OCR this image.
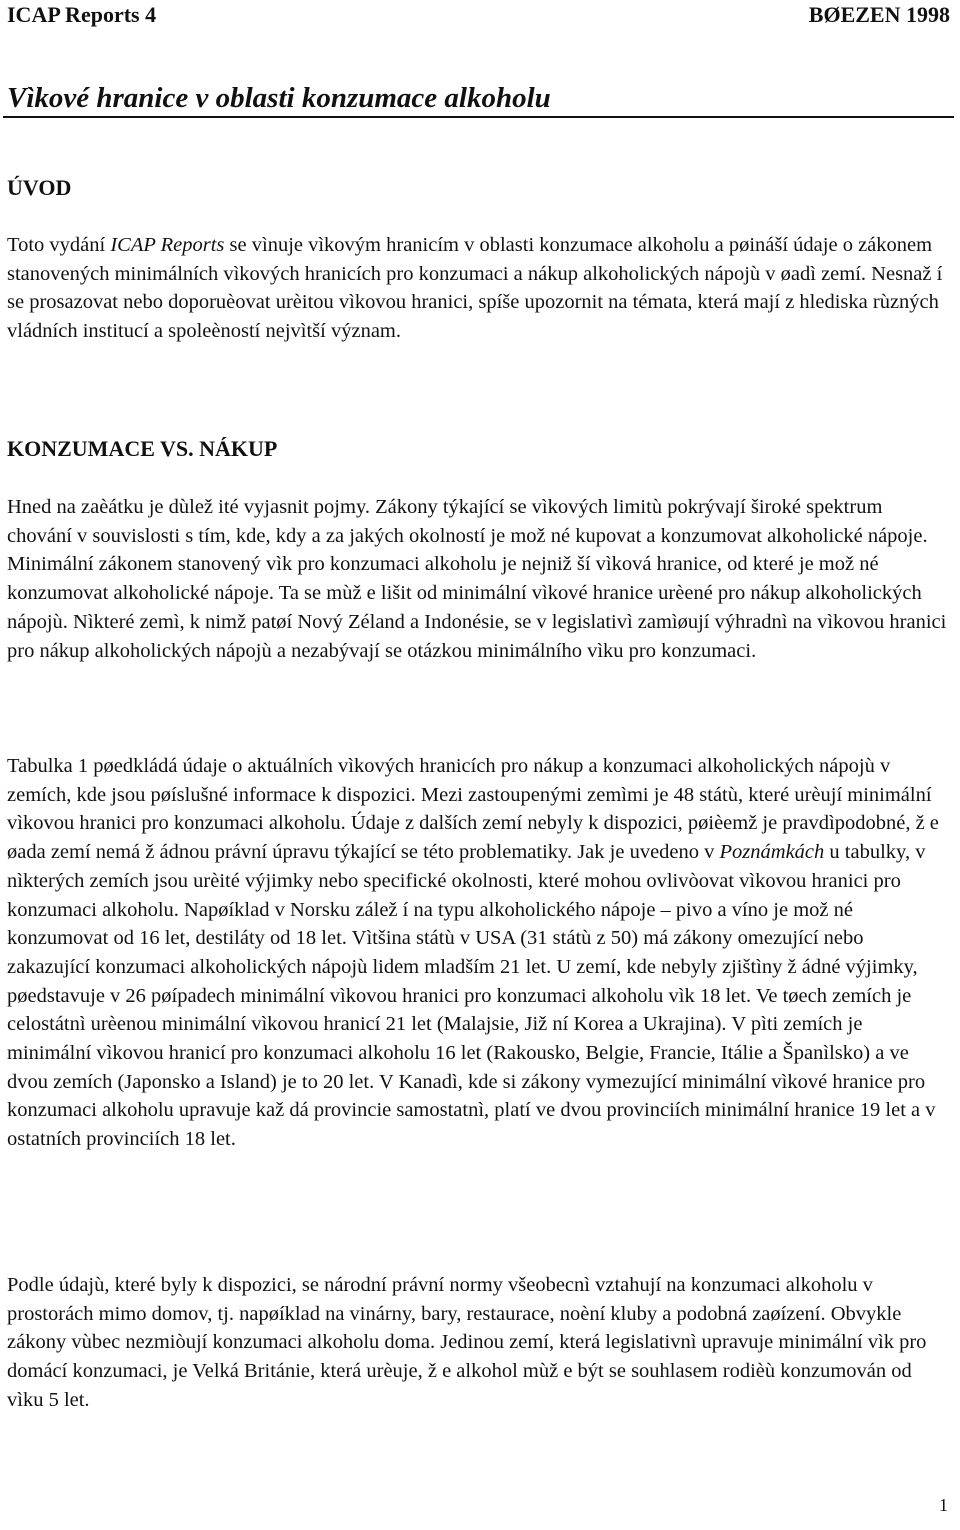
ICAP Reports 4	BØEZEN 1998
Vìkové hranice v oblasti konzumace alkoholu
ÚVOD
Toto vydání ICAP Reports se vìnuje vìkovým hranicím v oblasti konzumace alkoholu a pøináší údaje o zákonem stanovených minimálních vìkových hranicích pro konzumaci a nákup alkoholických nápojù v øadì zemí. Nesnaž í se prosazovat nebo doporuèovat urèitou vìkovou hranici, spíše upozornit na témata, která mají z hlediska rùzných vládních institucí a spoleèností nejvìtší význam.
KONZUMACE VS. NÁKUP
Hned na zaèátku je dùlež ité vyjasnit pojmy. Zákony týkající se vìkových limitù pokrývají široké spektrum chování v souvislosti s tím, kde, kdy a za jakých okolností je mož né kupovat a konzumovat alkoholické nápoje. Minimální zákonem stanovený vìk pro konzumaci alkoholu je nejniž ší vìková hranice, od které je mož né konzumovat alkoholické nápoje. Ta se mùž e lišit od minimální vìkové hranice urèené pro nákup alkoholických nápojù. Nìkteré zemì, k nimž patøí Nový Zéland a Indonésie, se v legislativì zamìøují výhradnì na vìkovou hranici pro nákup alkoholických nápojù a nezabývají se otázkou minimálního vìku pro konzumaci.
Tabulka 1 pøedkládá údaje o aktuálních vìkových hranicích pro nákup a konzumaci alkoholických nápojù v zemích, kde jsou pøíslušné informace k dispozici. Mezi zastoupenými zemìmi je 48 státù, které urèují minimální vìkovou hranici pro konzumaci alkoholu. Údaje z dalších zemí nebyly k dispozici, pøièemž je pravdìpodobné, ž e øada zemí nemá ž ádnou právní úpravu týkající se této problematiky. Jak je uvedeno v Poznámkách u tabulky, v nìkterých zemích jsou urèité výjimky nebo specifické okolnosti, které mohou ovlivòovat vìkovou hranici pro konzumaci alkoholu. Napøíklad v Norsku zálež í na typu alkoholického nápoje – pivo a víno je mož né konzumovat od 16 let, destiláty od 18 let. Vìtšina státù v USA (31 státù z 50) má zákony omezující nebo zakazující konzumaci alkoholických nápojù lidem mladším 21 let. U zemí, kde nebyly zjištìny ž ádné výjimky, pøedstavuje v 26 pøípadech minimální vìkovou hranici pro konzumaci alkoholu vìk 18 let. Ve tøech zemích je celostátnì urèenou minimální vìkovou hranicí 21 let (Malajsie, Již ní Korea a Ukrajina). V pìti zemích je minimální vìkovou hranicí pro konzumaci alkoholu 16 let (Rakousko, Belgie, Francie, Itálie a Španìlsko) a ve dvou zemích (Japonsko a Island) je to 20 let. V Kanadì, kde si zákony vymezující minimální vìkové hranice pro konzumaci alkoholu upravuje kaž dá provincie samostatnì, platí ve dvou provinciích minimální hranice 19 let a v ostatních provinciích 18 let.
Podle údajù, které byly k dispozici, se národní právní normy všeobecnì vztahují na konzumaci alkoholu v prostorách mimo domov, tj. napøíklad na vinárny, bary, restaurace, noèní kluby a podobná zaøízení. Obvykle zákony vùbec nezmiòují konzumaci alkoholu doma. Jedinou zemí, která legislativnì upravuje minimální vìk pro domácí konzumaci, je Velká Británie, která urèuje, ž e alkohol mùž e být se souhlasem rodièù konzumován od vìku 5 let.
1
